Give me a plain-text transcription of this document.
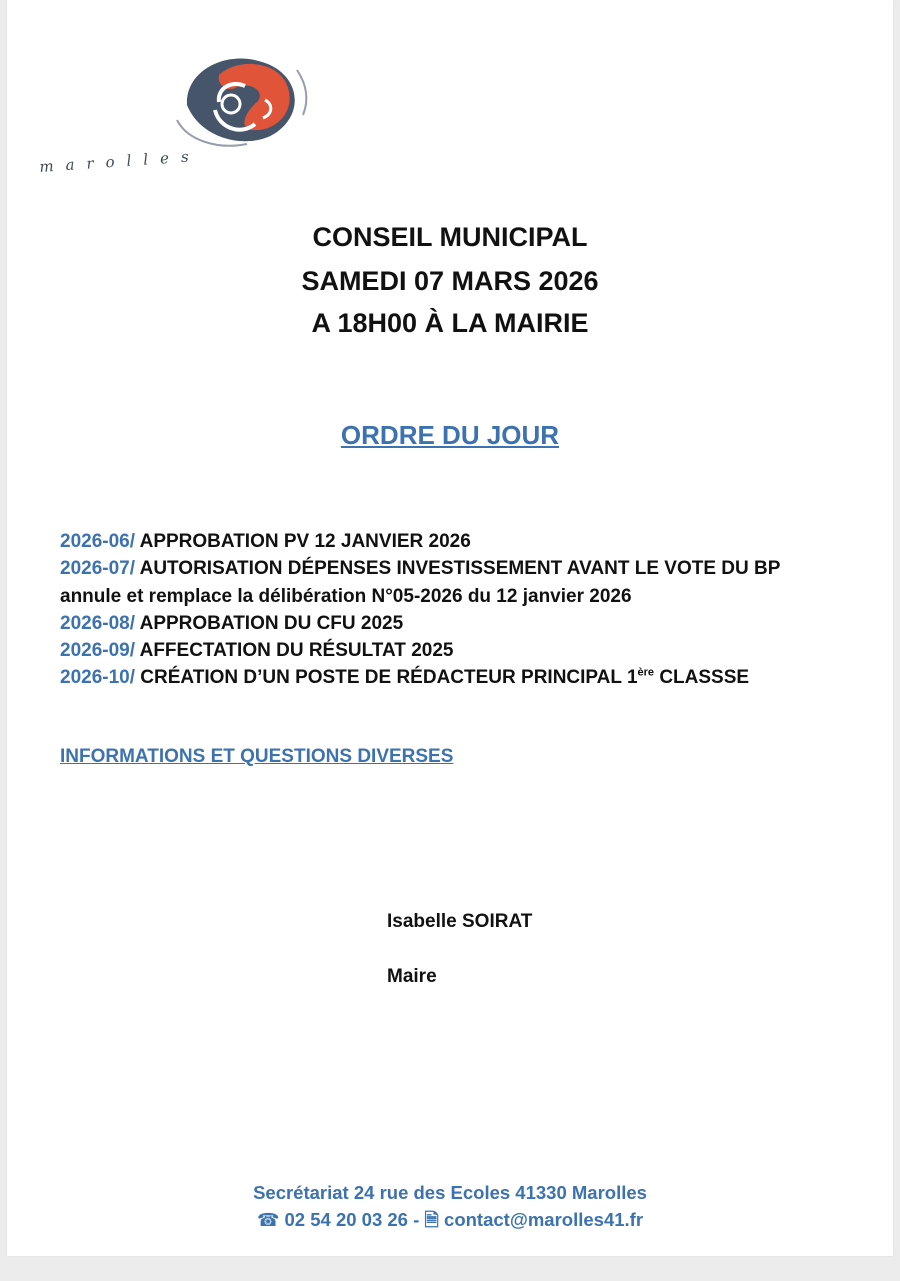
marolles
CONSEIL MUNICIPAL
SAMEDI 07 MARS 2026
A 18H00 À LA MAIRIE
ORDRE DU JOUR
2026-06/ APPROBATION PV 12 JANVIER 2026
2026-07/ AUTORISATION DÉPENSES INVESTISSEMENT AVANT LE VOTE DU BP
annule et remplace la délibération N°05-2026 du 12 janvier 2026
2026-08/ APPROBATION DU CFU 2025
2026-09/ AFFECTATION DU RÉSULTAT 2025
2026-10/ CRÉATION D’UN POSTE DE RÉDACTEUR PRINCIPAL 1ère CLASSSE
INFORMATIONS ET QUESTIONS DIVERSES
Isabelle SOIRAT
Maire
Secrétariat 24 rue des Ecoles 41330 Marolles
☎ 02 54 20 03 26 - 🗎 contact@marolles41.fr
